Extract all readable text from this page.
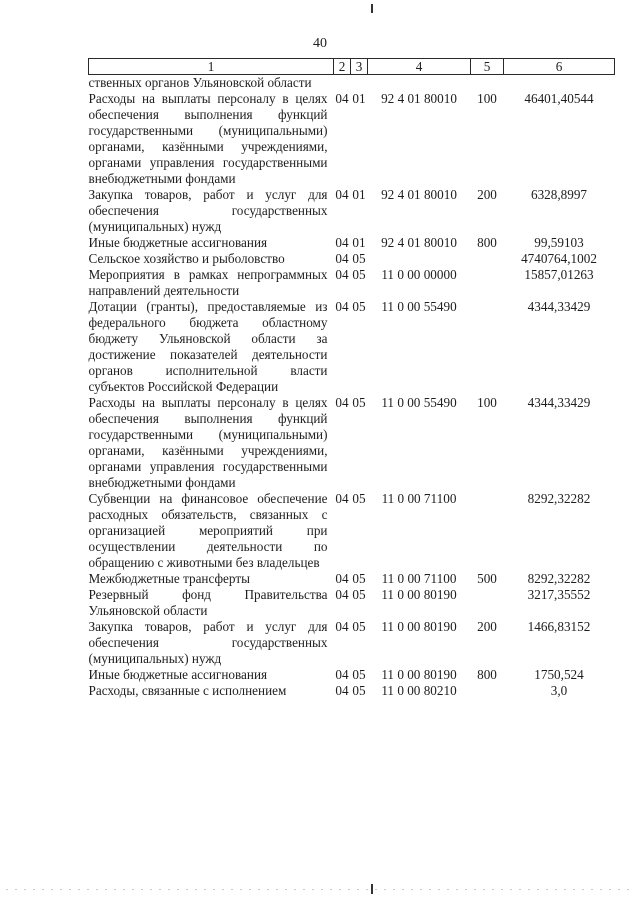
40
1	2	3	4	5	6
ственных органов Ульяновской области					
Расходы на выплаты персоналу в целях обеспечения выполнения функций государственными (муниципальными) органами, казёнными учреждениями, органами управления государственными внебюджетными фондами	04	01	92 4 01 80010	100	46401,40544
Закупка товаров, работ и услуг для обеспечения государственных (муниципальных) нужд	04	01	92 4 01 80010	200	6328,8997
Иные бюджетные ассигнования	04	01	92 4 01 80010	800	99,59103
Сельское хозяйство и рыболовство	04	05			4740764,1002
Мероприятия в рамках непрограммных направлений деятельности	04	05	11 0 00 00000		15857,01263
Дотации (гранты), предоставляемые из федерального бюджета областному бюджету Ульяновской области за достижение показателей деятельности органов исполнительной власти субъектов Российской Федерации	04	05	11 0 00 55490		4344,33429
Расходы на выплаты персоналу в целях обеспечения выполнения функций государственными (муниципальными) органами, казёнными учреждениями, органами управления государственными внебюджетными фондами	04	05	11 0 00 55490	100	4344,33429
Субвенции на финансовое обеспечение расходных обязательств, связанных с организацией мероприятий при осуществлении деятельности по обращению с животными без владельцев	04	05	11 0 00 71100		8292,32282
Межбюджетные трансферты	04	05	11 0 00 71100	500	8292,32282
Резервный фонд Правительства Ульяновской области	04	05	11 0 00 80190		3217,35552
Закупка товаров, работ и услуг для обеспечения государственных (муниципальных) нужд	04	05	11 0 00 80190	200	1466,83152
Иные бюджетные ассигнования	04	05	11 0 00 80190	800	1750,524
Расходы, связанные с исполнением	04	05	11 0 00 80210		3,0
